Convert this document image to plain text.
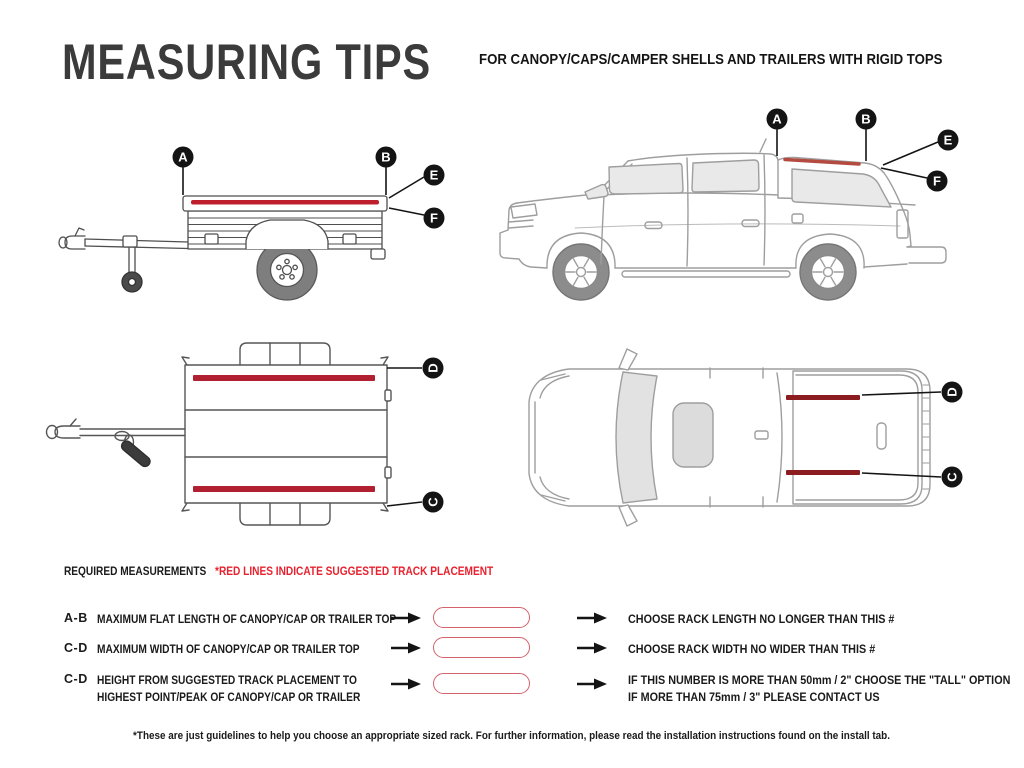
MEASURING TIPS	FOR CANOPY/CAPS/CAMPER SHELLS AND TRAILERS WITH RIGID TOPS
A	B
E
F
A	B
E
F
D
C
D
C
REQUIRED MEASUREMENTS *RED LINES INDICATE SUGGESTED TRACK PLACEMENT
A-B MAXIMUM FLAT LENGTH OF CANOPY/CAP OR TRAILER TOP	CHOOSE RACK LENGTH NO LONGER THAN THIS #
C-D MAXIMUM WIDTH OF CANOPY/CAP OR TRAILER TOP	CHOOSE RACK WIDTH NO WIDER THAN THIS #
C-D HEIGHT FROM SUGGESTED TRACK PLACEMENT TO HIGHEST POINT/PEAK OF CANOPY/CAP OR TRAILER
IF THIS NUMBER IS MORE THAN 50mm / 2" CHOOSE THE "TALL" OPTION
IF MORE THAN 75mm / 3" PLEASE CONTACT US
*These are just guidelines to help you choose an appropriate sized rack. For further information, please read the installation instructions found on the install tab.
